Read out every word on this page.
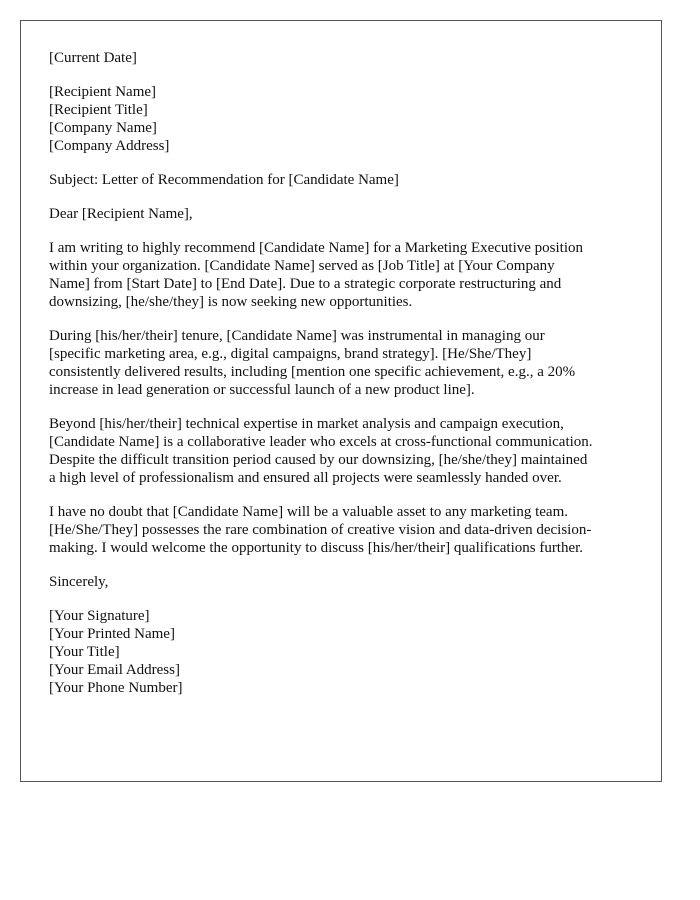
[Current Date]
[Recipient Name]
[Recipient Title]
[Company Name]
[Company Address]
Subject: Letter of Recommendation for [Candidate Name]
Dear [Recipient Name],
I am writing to highly recommend [Candidate Name] for a Marketing Executive position
within your organization. [Candidate Name] served as [Job Title] at [Your Company
Name] from [Start Date] to [End Date]. Due to a strategic corporate restructuring and
downsizing, [he/she/they] is now seeking new opportunities.
During [his/her/their] tenure, [Candidate Name] was instrumental in managing our
[specific marketing area, e.g., digital campaigns, brand strategy]. [He/She/They]
consistently delivered results, including [mention one specific achievement, e.g., a 20%
increase in lead generation or successful launch of a new product line].
Beyond [his/her/their] technical expertise in market analysis and campaign execution,
[Candidate Name] is a collaborative leader who excels at cross-functional communication.
Despite the difficult transition period caused by our downsizing, [he/she/they] maintained
a high level of professionalism and ensured all projects were seamlessly handed over.
I have no doubt that [Candidate Name] will be a valuable asset to any marketing team.
[He/She/They] possesses the rare combination of creative vision and data-driven decision-
making. I would welcome the opportunity to discuss [his/her/their] qualifications further.
Sincerely,
[Your Signature]
[Your Printed Name]
[Your Title]
[Your Email Address]
[Your Phone Number]
